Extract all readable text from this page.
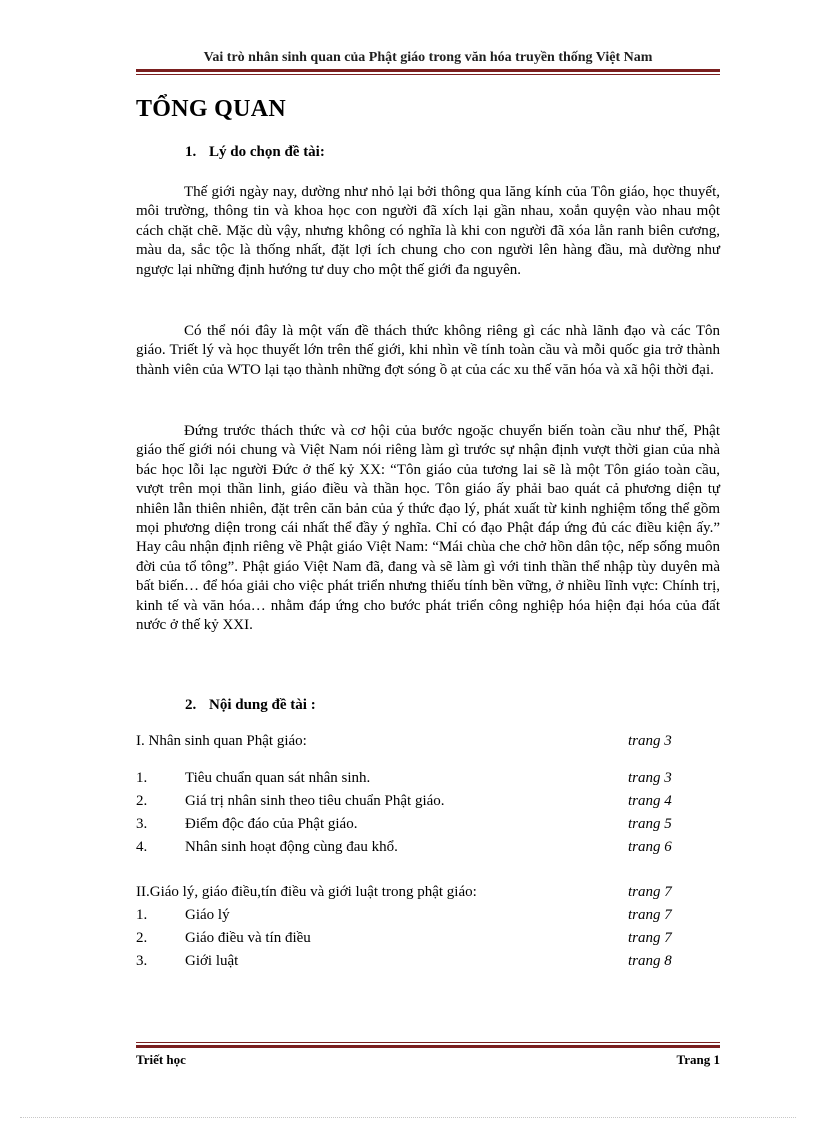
Vai trò nhân sinh quan của Phật giáo trong văn hóa truyền thống Việt Nam
TỔNG QUAN
1. Lý do chọn đề tài:

Thế giới ngày nay, dường như nhỏ lại bởi thông qua lăng kính của Tôn giáo, học thuyết, môi trường, thông tin và khoa học con người đã xích lại gần nhau, xoắn quyện vào nhau một cách chặt chẽ. Mặc dù vậy, nhưng không có nghĩa là khi con người đã xóa lằn ranh biên cương, màu da, sắc tộc là thống nhất, đặt lợi ích chung cho con người lên hàng đầu, mà dường như ngược lại những định hướng tư duy cho một thế giới đa nguyên.

Có thể nói đây là một vấn đề thách thức không riêng gì các nhà lãnh đạo và các Tôn giáo. Triết lý và học thuyết lớn trên thế giới, khi nhìn về tính toàn cầu và mỗi quốc gia trở thành thành viên của WTO lại tạo thành những đợt sóng ồ ạt của các xu thế văn hóa và xã hội thời đại.

Đứng trước thách thức và cơ hội của bước ngoặc chuyển biến toàn cầu như thế, Phật giáo thế giới nói chung và Việt Nam nói riêng làm gì trước sự nhận định vượt thời gian của nhà bác học lỗi lạc người Đức ở thế kỷ XX: “Tôn giáo của tương lai sẽ là một Tôn giáo toàn cầu, vượt trên mọi thần linh, giáo điều và thần học. Tôn giáo ấy phải bao quát cả phương diện tự nhiên lẫn thiên nhiên, đặt trên căn bản của ý thức đạo lý, phát xuất từ kinh nghiệm tổng thể gồm mọi phương diện trong cái nhất thể đầy ý nghĩa. Chỉ có đạo Phật đáp ứng đủ các điều kiện ấy.” Hay câu nhận định riêng về Phật giáo Việt Nam: “Mái chùa che chở hồn dân tộc, nếp sống muôn đời của tổ tông”. Phật giáo Việt Nam đã, đang và sẽ làm gì với tinh thần thể nhập tùy duyên mà bất biến… để hóa giải cho việc phát triển nhưng thiếu tính bền vững, ở nhiều lĩnh vực: Chính trị, kinh tế và văn hóa… nhằm đáp ứng cho bước phát triển công nghiệp hóa hiện đại hóa của đất nước ở thế kỷ XXI.

2. Nội dung đề tài :
I. Nhân sinh quan Phật giáo:	trang 3
1.	Tiêu chuẩn quan sát nhân sinh.	trang 3
2.	Giá trị nhân sinh theo tiêu chuẩn Phật giáo.	trang 4
3.	Điểm độc đáo của Phật giáo.	trang 5
4.	Nhân sinh hoạt động cùng đau khổ.	trang 6
II.Giáo lý, giáo điều,tín điều và giới luật trong phật giáo:	trang 7
1.	Giáo lý	trang 7
2.	Giáo điều và tín điều	trang 7
3.	Giới luật	trang 8
Triết học	Trang 1
